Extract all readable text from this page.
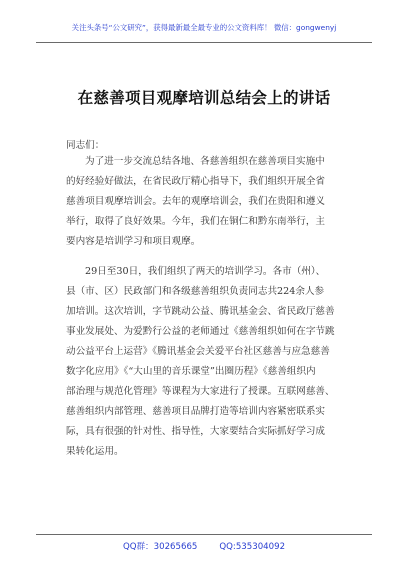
关注头条号“公文研究”，获得最新最全最专业的公文资料库！ 微信：gongwenyj
在慈善项目观摩培训总结会上的讲话
同志们：

为了进一步交流总结各地、各慈善组织在慈善项目实施中
的好经验好做法，在省民政厅精心指导下，我们组织开展全省
慈善项目观摩培训会。去年的观摩培训会，我们在贵阳和遵义
举行，取得了良好效果。今年，我们在铜仁和黔东南举行，主
要内容是培训学习和项目观摩。

29日至30日，我们组织了两天的培训学习。各市（州）、
县（市、区）民政部门和各级慈善组织负责同志共224余人参
加培训。这次培训，字节跳动公益、腾讯基金会、省民政厅慈善
事业发展处、为爱黔行公益的老师通过《慈善组织如何在字节跳
动公益平台上运营》《腾讯基金会关爱平台社区慈善与应急慈善
数字化应用》《“大山里的音乐课堂”出圈历程》《慈善组织内
部治理与规范化管理》等课程为大家进行了授课。互联网慈善、
慈善组织内部管理、慈善项目品牌打造等培训内容紧密联系实
际，具有很强的针对性、指导性，大家要结合实际抓好学习成
果转化运用。

QQ群：30265665	QQ:535304092
